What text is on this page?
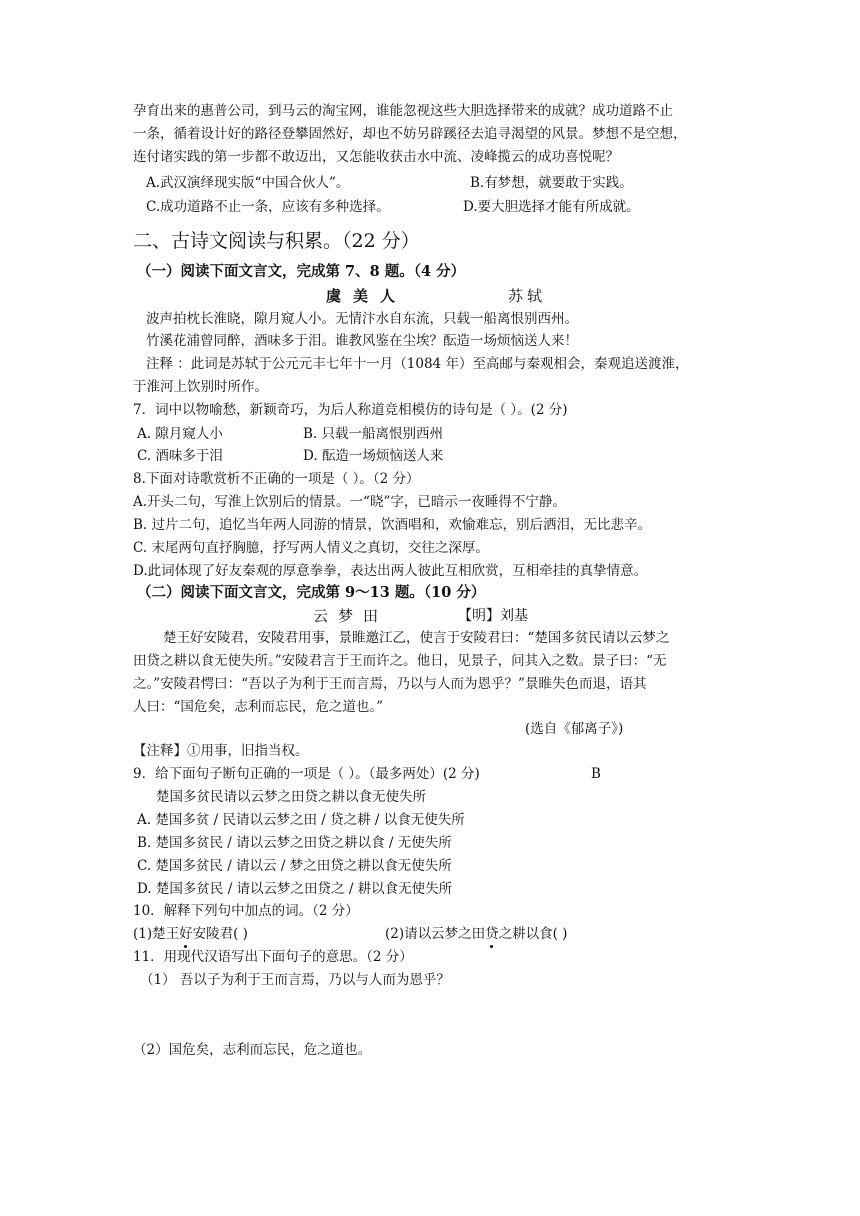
孕育出来的惠普公司，到马云的淘宝网，谁能忽视这些大胆选择带来的成就？成功道路不止
一条，循着设计好的路径登攀固然好，却也不妨另辟蹊径去追寻渴望的风景。梦想不是空想，
连付诸实践的第一步都不敢迈出，又怎能收获击水中流、凌峰揽云的成功喜悦呢？
A.武汉演绎现实版“中国合伙人”。	B.有梦想，就要敢于实践。
C.成功道路不止一条，应该有多种选择。	D.要大胆选择才能有所成就。
二、古诗文阅读与积累。（22 分）
（一）阅读下面文言文，完成第 7、8 题。（4 分）
虞美人	苏轼
波声拍枕长淮晓，隙月窥人小。无情汴水自东流，只载一船离恨别西州。
竹溪花浦曾同醉，酒味多于泪。谁教风鉴在尘埃？酝造一场烦恼送人来！
注释 ：此词是苏轼于公元元丰七年十一月（1084 年）至高邮与秦观相会，秦观追送渡淮，
于淮河上饮别时所作。
7．词中以物喻愁，新颖奇巧，为后人称道竞相模仿的诗句是（ ）。(2 分)
A. 隙月窥人小	B. 只载一船离恨别西州
C. 酒味多于泪	D. 酝造一场烦恼送人来
8.下面对诗歌赏析不正确的一项是（ ）。（2 分）
A.开头二句，写淮上饮别后的情景。一“晓”字，已暗示一夜睡得不宁静。
B. 过片二句，追忆当年两人同游的情景，饮酒唱和，欢愉难忘，别后洒泪，无比悲辛。
C. 末尾两句直抒胸臆，抒写两人情义之真切，交往之深厚。
D.此词体现了好友秦观的厚意拳拳，表达出两人彼此互相欣赏，互相牵挂的真挚情意。
（二）阅读下面文言文，完成第 9～13 题。（10 分）
云梦田	【明】刘基
楚王好安陵君，安陵君用事，景睢邀江乙，使言于安陵君曰：“楚国多贫民请以云梦之
田贷之耕以食无使失所。”安陵君言于王而许之。他日，见景子，问其入之数。景子曰：“无
之。”安陵君愕曰：“吾以子为利于王而言焉，乃以与人而为恩乎？”景睢失色而退，语其
人曰：“国危矣，志利而忘民，危之道也。”
(选自《郁离子》)
【注释】①用事，旧指当权。
9．给下面句子断句正确的一项是（ ）。（最多两处）(2 分)	B
楚国多贫民请以云梦之田贷之耕以食无使失所
A. 楚国多贫 / 民请以云梦之田 / 贷之耕 / 以食无使失所
B. 楚国多贫民 / 请以云梦之田贷之耕以食 / 无使失所
C. 楚国多贫民 / 请以云 / 梦之田贷之耕以食无使失所
D. 楚国多贫民 / 请以云梦之田贷之 / 耕以食无使失所
10．解释下列句中加点的词。（2 分）
(1)楚王好安陵君( )	(2)请以云梦之田贷之耕以食( )
11．用现代汉语写出下面句子的意思。（2 分）
（1） 吾以子为利于王而言焉，乃以与人而为恩乎？
（2）国危矣，志利而忘民，危之道也。
